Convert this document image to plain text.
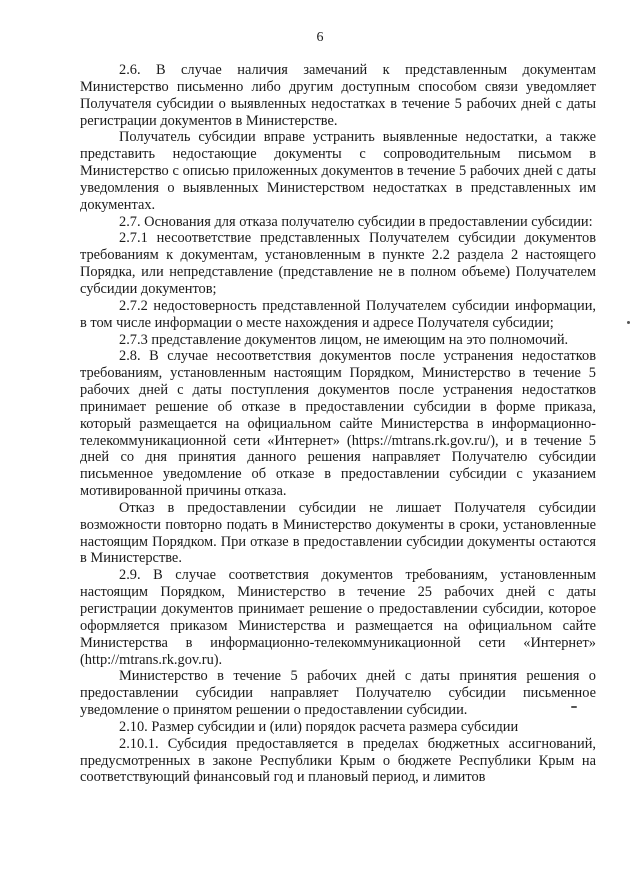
6

2.6. В случае наличия замечаний к представленным документам Министерство письменно либо другим доступным способом связи уведомляет Получателя субсидии о выявленных недостатках в течение 5 рабочих дней с даты регистрации документов в Министерстве.

Получатель субсидии вправе устранить выявленные недостатки, а также представить недостающие документы с сопроводительным письмом в Министерство с описью приложенных документов в течение 5 рабочих дней с даты уведомления о выявленных Министерством недостатках в представленных им документах.

2.7. Основания для отказа получателю субсидии в предоставлении субсидии:

2.7.1 несоответствие представленных Получателем субсидии документов требованиям к документам, установленным в пункте 2.2 раздела 2 настоящего Порядка, или непредставление (представление не в полном объеме) Получателем субсидии документов;

2.7.2 недостоверность представленной Получателем субсидии информации, в том числе информации о месте нахождения и адресе Получателя субсидии;

2.7.3 представление документов лицом, не имеющим на это полномочий.

2.8. В случае несоответствия документов после устранения недостатков требованиям, установленным настоящим Порядком, Министерство в течение 5 рабочих дней с даты поступления документов после устранения недостатков принимает решение об отказе в предоставлении субсидии в форме приказа, который размещается на официальном сайте Министерства в информационно-телекоммуникационной сети «Интернет» (https://mtrans.rk.gov.ru/), и в течение 5 дней со дня принятия данного решения направляет Получателю субсидии письменное уведомление об отказе в предоставлении субсидии с указанием мотивированной причины отказа.

Отказ в предоставлении субсидии не лишает Получателя субсидии возможности повторно подать в Министерство документы в сроки, установленные настоящим Порядком. При отказе в предоставлении субсидии документы остаются в Министерстве.

2.9. В случае соответствия документов требованиям, установленным настоящим Порядком, Министерство в течение 25 рабочих дней с даты регистрации документов принимает решение о предоставлении субсидии, которое оформляется приказом Министерства и размещается на официальном сайте Министерства в информационно-телекоммуникационной сети «Интернет» (http://mtrans.rk.gov.ru).

Министерство в течение 5 рабочих дней с даты принятия решения о предоставлении субсидии направляет Получателю субсидии письменное уведомление о принятом решении о предоставлении субсидии.

2.10. Размер субсидии и (или) порядок расчета размера субсидии

2.10.1. Субсидия предоставляется в пределах бюджетных ассигнований, предусмотренных в законе Республики Крым о бюджете Республики Крым на соответствующий финансовый год и плановый период, и лимитов
